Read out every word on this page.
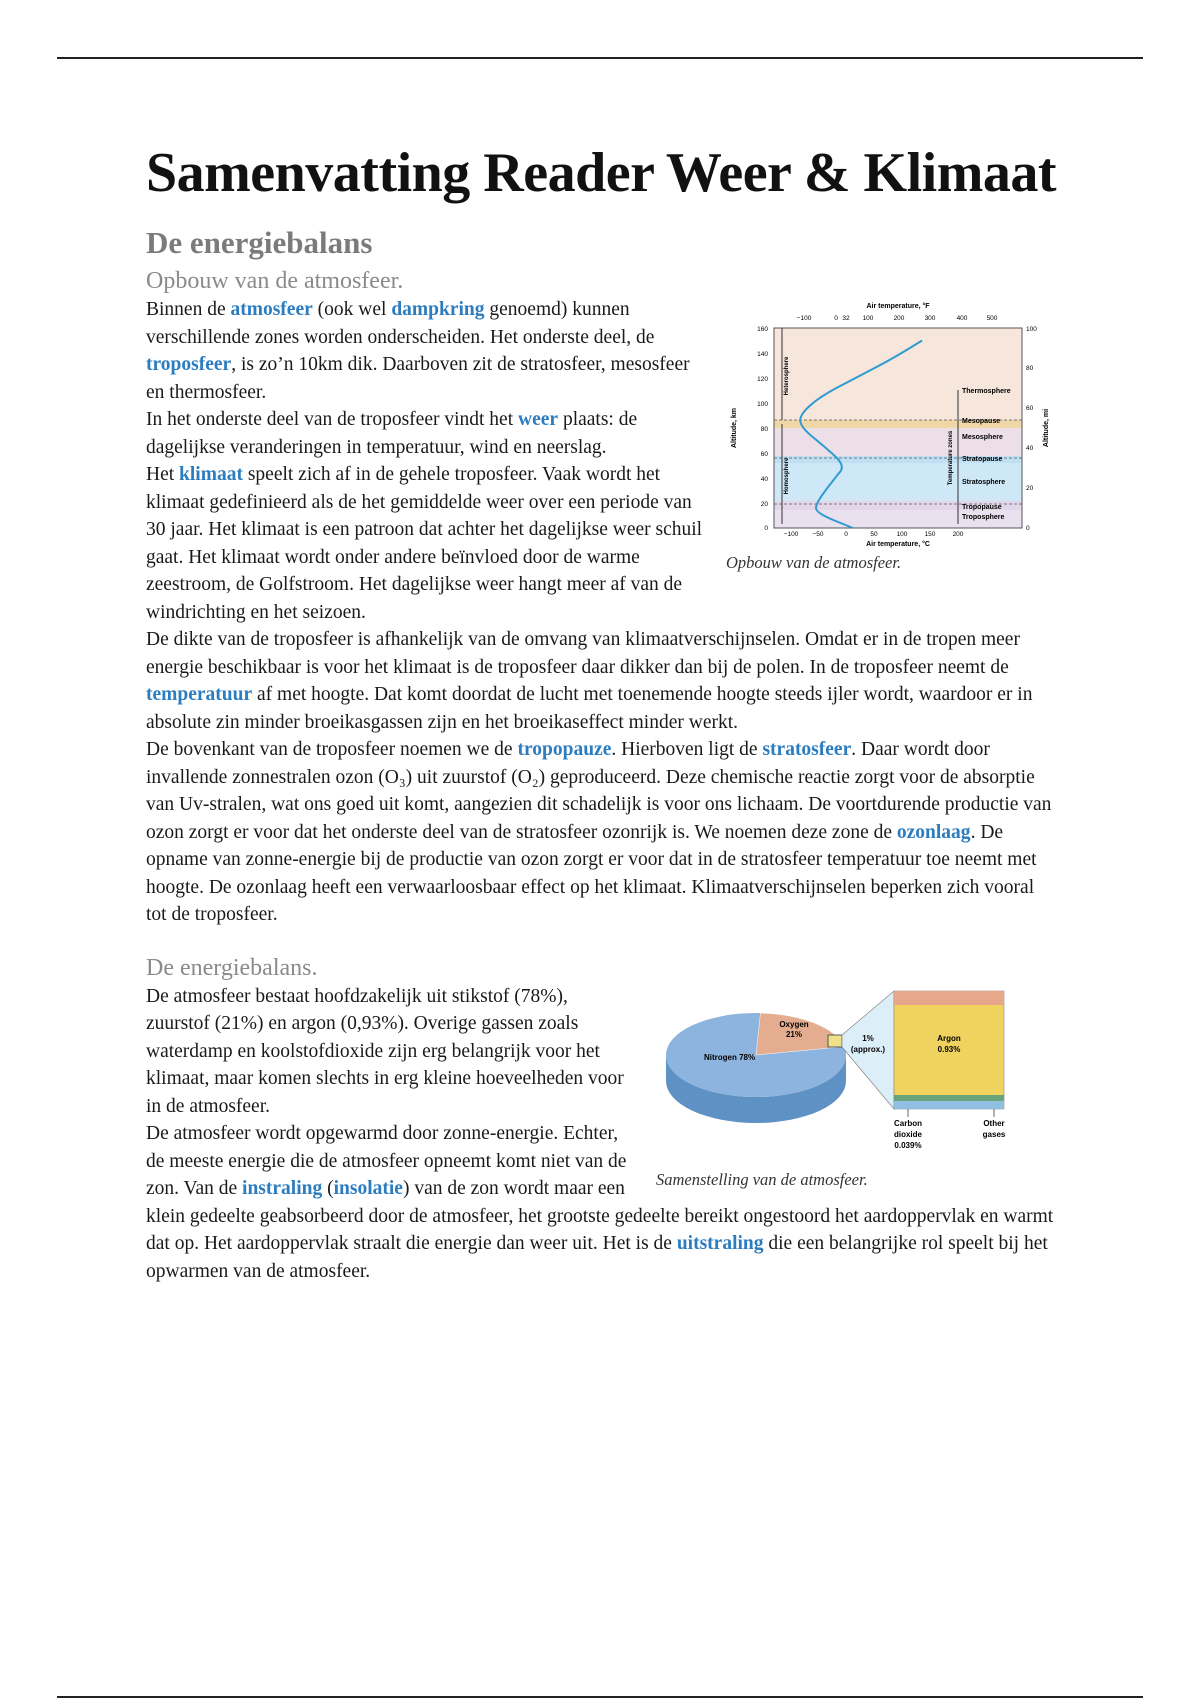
Samenvatting Reader Weer & Klimaat
De energiebalans
Opbouw van de atmosfeer.
Heterosphere
Homosphere	Temperature zones
Thermosphere
Mesopause
Mesosphere
Stratopause
Stratosphere
Tropopause
Troposphere
Air temperature, °F
Air temperature, °C
Altitude, km	Altitude, mi
−100	0 32 100	200	300	400	500
−100 −50	0	50	100	150	200
160
140
120
100
80
60
40
20
0
100
80
60
40
20
0
Opbouw van de atmosfeer.

Binnen de atmosfeer (ook wel dampkring genoemd) kunnen verschillende zones worden onderscheiden. Het onderste deel, de troposfeer, is zo’n 10km dik. Daarboven zit de stratosfeer, mesosfeer en thermosfeer.

In het onderste deel van de troposfeer vindt het weer plaats: de dagelijkse veranderingen in temperatuur, wind en neerslag.

Het klimaat speelt zich af in de gehele troposfeer. Vaak wordt het klimaat gedefinieerd als de het gemiddelde weer over een periode van 30 jaar. Het klimaat is een patroon dat achter het dagelijkse weer schuil gaat. Het klimaat wordt onder andere beïnvloed door de warme zeestroom, de Golfstroom. Het dagelijkse weer hangt meer af van de windrichting en het seizoen.

De dikte van de troposfeer is afhankelijk van de omvang van klimaatverschijnselen. Omdat er in de tropen meer energie beschikbaar is voor het klimaat is de troposfeer daar dikker dan bij de polen. In de troposfeer neemt de temperatuur af met hoogte. Dat komt doordat de lucht met toenemende hoogte steeds ijler wordt, waardoor er in absolute zin minder broeikasgassen zijn en het broeikaseffect minder werkt.

De bovenkant van de troposfeer noemen we de tropopauze. Hierboven ligt de stratosfeer. Daar wordt door invallende zonnestralen ozon (O₃) uit zuurstof (O₂) geproduceerd. Deze chemische reactie zorgt voor de absorptie van Uv-stralen, wat ons goed uit komt, aangezien dit schadelijk is voor ons lichaam. De voortdurende productie van ozon zorgt er voor dat het onderste deel van de stratosfeer ozonrijk is. We noemen deze zone de ozonlaag. De opname van zonne-energie bij de productie van ozon zorgt er voor dat in de stratosfeer temperatuur toe neemt met hoogte. De ozonlaag heeft een verwaarloosbaar effect op het klimaat. Klimaatverschijnselen beperken zich vooral tot de troposfeer.

De energiebalans.
Nitrogen 78%
Oxygen
21%	1%
(approx.)
Argon
0.93%
Carbon
dioxide
0.039%
Other
gases
Samenstelling van de atmosfeer.

De atmosfeer bestaat hoofdzakelijk uit stikstof (78%), zuurstof (21%) en argon (0,93%). Overige gassen zoals waterdamp en koolstofdioxide zijn erg belangrijk voor het klimaat, maar komen slechts in erg kleine hoeveelheden voor in de atmosfeer.

De atmosfeer wordt opgewarmd door zonne-energie. Echter, de meeste energie die de atmosfeer opneemt komt niet van de zon. Van de instraling (insolatie) van de zon wordt maar een klein gedeelte geabsorbeerd door de atmosfeer, het grootste gedeelte bereikt ongestoord het aardoppervlak en warmt dat op. Het aardoppervlak straalt die energie dan weer uit. Het is de uitstraling die een belangrijke rol speelt bij het opwarmen van de atmosfeer.
